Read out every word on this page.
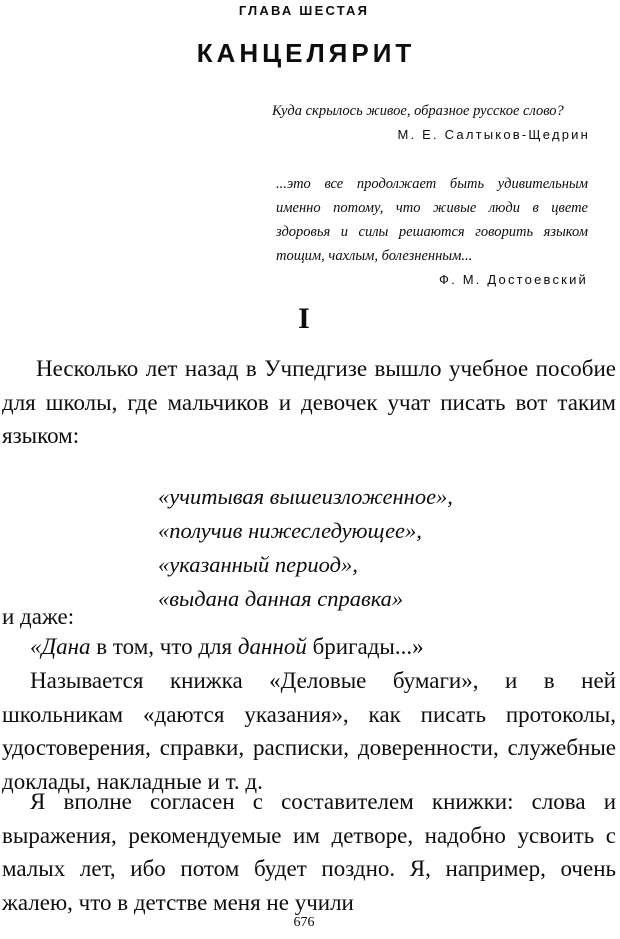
ГЛАВА ШЕСТАЯ
КАНЦЕЛЯРИТ
Куда скрылось живое, образное русское слово?
М. Е. Салтыков-Щедрин
...это все продолжает быть удивительным именно потому, что живые люди в цвете здоровья и силы решаются говорить языком тощим, чахлым, болезненным...
Ф. М. Достоевский
I
Несколько лет назад в Учпедгизе вышло учебное пособие для школы, где мальчиков и девочек учат писать вот таким языком:
«учитывая вышеизложенное»,
«получив нижеследующее»,
«указанный период»,
«выдана данная справка»
и даже:
«Дана в том, что для данной бригады...»
Называется книжка «Деловые бумаги», и в ней школьникам «даются указания», как писать протоколы, удостоверения, справки, расписки, доверенности, служебные доклады, накладные и т. д.
Я вполне согласен с составителем книжки: слова и выражения, рекомендуемые им детворе, надобно усвоить с малых лет, ибо потом будет поздно. Я, например, очень жалею, что в детстве меня не учили
676
